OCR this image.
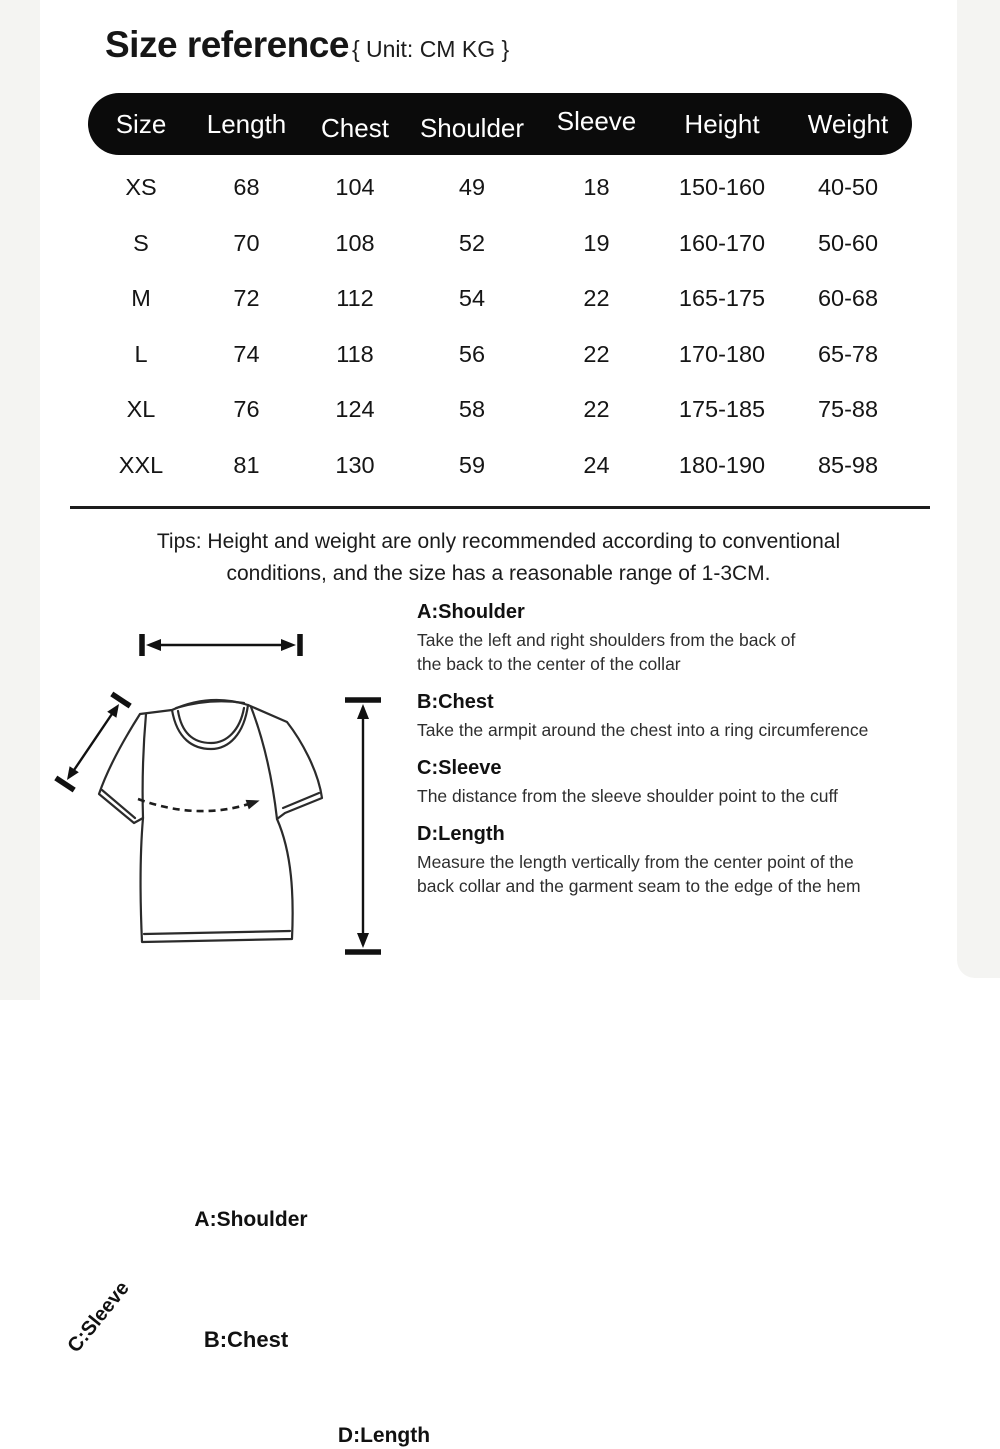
Size reference { Unit: CM KG }
Size	Length	Chest	Shoulder	Sleeve	Height	Weight
XS	68	104	49	18	150-160	40-50
S	70	108	52	19	160-170	50-60
M	72	112	54	22	165-175	60-68
L	74	118	56	22	170-180	65-78
XL	76	124	58	22	175-185	75-88
XXL	81	130	59	24	180-190	85-98
Tips: Height and weight are only recommended according to conventional
conditions, and the size has a reasonable range of 1-3CM.
A:Shoulder
C:Sleeve	B:Chest
D:Length
A:Shoulder
Take the left and right shoulders from the back of
the back to the center of the collar
B:Chest
Take the armpit around the chest into a ring circumference
C:Sleeve
The distance from the sleeve shoulder point to the cuff
D:Length
Measure the length vertically from the center point of the
back collar and the garment seam to the edge of the hem
